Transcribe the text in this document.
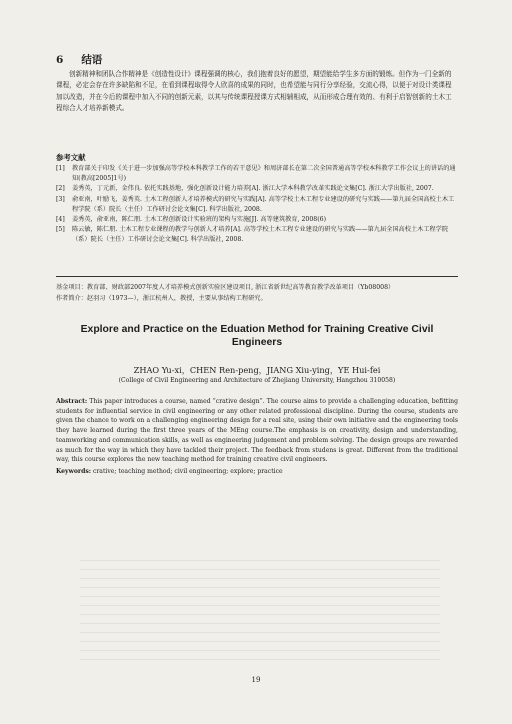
6 结语
创新精神和团队合作精神是《创造性设计》课程强调的核心，我们抱着良好的愿望，期望能给学生多方面的锻炼。但作为一门全新的课程，必定会存在许多缺陷和不足，在看到课程取得令人欣喜的成果的同时，也希望能与同行分享经验，交流心得，以便于对设计类课程加以改造，并在今后的课程中加入不同的创新元素，以其与传统课程授课方式相辅相成，从而形成合理有效的、有利于启智创新的土木工程综合人才培养新模式。
参考文献
[1]	教育部关于印发《关于进一步加强高等学校本科教学工作的若干意见》和周济部长在第二次全国普通高等学校本科教学工作会议上的讲话的通知(教高[2005]1号)
[2]	姜秀英，丁元新，金伟良. 依托实践基地，强化创新设计能力培养[A]. 浙江大学本科教学改革实践论文集[C]. 浙江大学出版社, 2007.
[3]	俞亚南，叶励飞，姜秀英. 土木工程创新人才培养模式的研究与实践[A]. 高等学校土木工程专业建设的研究与实践——第九届全国高校土木工程学院（系）院长（主任）工作研讨会论文集[C]. 科学出版社, 2008.
[4]	姜秀英，俞亚南，陈仁朋. 土木工程创新设计实验班的架构与实施[J]. 高等建筑教育, 2008(6)
[5]	陈云敏，陈仁朋. 土木工程专业课程的教学与创新人才培养[A]. 高等学校土木工程专业建设的研究与实践——第九届全国高校土木工程学院（系）院长（主任）工作研讨会论文集[C]. 科学出版社, 2008.
基金项目：教育部、财政部2007年度人才培养模式创新实验区建设项目, 浙江省新世纪高等教育教学改革项目（Yb08008）
作者简介：赵羽习（1973—），浙江杭州人，教授，主要从事结构工程研究。
Explore and Practice on the Eduation Method for Training Creative Civil Engineers
ZHAO Yu-xi，CHEN Ren-peng，JIANG Xiu-ying，YE Hui-fei
(College of Civil Engineering and Architecture of Zhejiang University, Hangzhou 310058)
Abstract: This paper introduces a course, named “crative design”. The course aims to provide a challenging education, befitting students for influential service in civil engineering or any other related professional discipline. During the course, students are given the chance to work on a challenging engineering design for a real site, using their own initiative and the engineering tools they have learned during the first three years of the MEng course.The emphasis is on creativity, design and understanding, teamworking and communication skills, as well as engineering judgement and problem solving. The design groups are rewarded as much for the way in which they have tackled their project. The feedback from studens is great. Different from the traditional way, this course explores the new teaching method for training creative civil engineers.
Keywords: crative; teaching method; civil engineering; explore; practice
19
